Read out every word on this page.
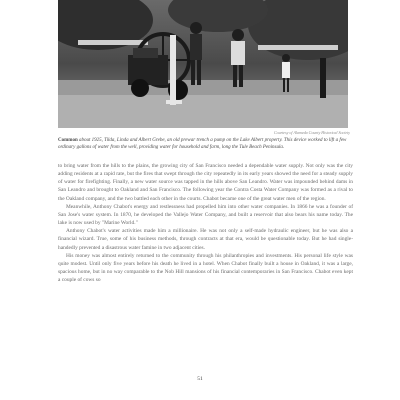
Courtesy of Alameda County Historical Society
Common about 1925, Tilda, Linda and Albert Grebe, an old prewar trench a pump on the Lake Albert property. This device worked to lift a few ordinary gallons of water from the well, providing water for household and farm, long the Tule Beach Peninsula.

to bring water from the hills to the plains, the growing city of San Francisco needed a dependable water supply. Not only was the city adding residents at a rapid rate, but the fires that swept through the city repeatedly in its early years showed the need for a steady supply of water for firefighting. Finally, a new water source was tapped in the hills above San Leandro. Water was impounded behind dams in San Leandro and brought to Oakland and San Francisco. The following year the Contra Costa Water Company was formed as a rival to the Oakland company, and the two battled each other in the courts. Chabot became one of the great water men of the region.

Meanwhile, Anthony Chabot's energy and restlessness had propelled him into other water companies. In 1866 he was a founder of San Jose's water system. In 1870, he developed the Vallejo Water Company, and built a reservoir that also bears his name today. The lake is now used by "Marine World."

Anthony Chabot's water activities made him a millionaire. He was not only a self-made hydraulic engineer, but he was also a financial wizard. True, some of his business methods, through contracts at that era, would be questionable today. But he had single-handedly prevented a disastrous water famine in two adjacent cities.

His money was almost entirely returned to the community through his philanthropies and investments. His personal life style was quite modest. Until only five years before his death he lived in a hotel. When Chabot finally built a house in Oakland, it was a large, spacious home, but in no way comparable to the Nob Hill mansions of his financial contemporaries in San Francisco. Chabot even kept a couple of cows so

51
